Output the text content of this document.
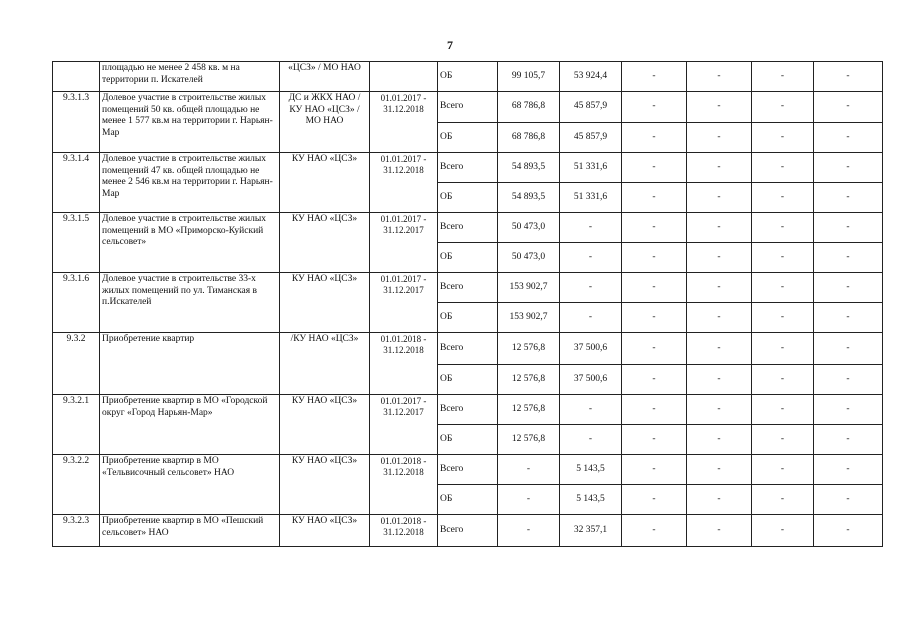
7
	площадью не менее 2 458 кв. м на территории п. Искателей	«ЦСЗ» / МО НАО		ОБ	99 105,7	53 924,4	-	-	-	-
9.3.1.3	Долевое участие в строительстве жилых помещений 50 кв. общей площадью не менее 1 577 кв.м на территории г. Нарьян-Мар	ДС и ЖКХ НАО / КУ НАО «ЦСЗ» / МО НАО	01.01.2017 - 31.12.2018	Всего	68 786,8	45 857,9	-	-	-	-
				ОБ	68 786,8	45 857,9	-	-	-	-
9.3.1.4	Долевое участие в строительстве жилых помещений 47 кв. общей площадью не менее 2 546 кв.м на территории г. Нарьян-Мар	КУ НАО «ЦСЗ»	01.01.2017 - 31.12.2018	Всего	54 893,5	51 331,6	-	-	-	-
				ОБ	54 893,5	51 331,6	-	-	-	-
9.3.1.5	Долевое участие в строительстве жилых помещений в МО «Приморско-Куйский сельсовет»	КУ НАО «ЦСЗ»	01.01.2017 - 31.12.2017	Всего	50 473,0	-	-	-	-	-
				ОБ	50 473,0	-	-	-	-	-
9.3.1.6	Долевое участие в строительстве 33-х жилых помещений по ул. Тиманская в п.Искателей	КУ НАО «ЦСЗ»	01.01.2017 - 31.12.2017	Всего	153 902,7	-	-	-	-	-
				ОБ	153 902,7	-	-	-	-	-
9.3.2	Приобретение квартир	/КУ НАО «ЦСЗ»	01.01.2018 - 31.12.2018	Всего	12 576,8	37 500,6	-	-	-	-
				ОБ	12 576,8	37 500,6	-	-	-	-
9.3.2.1	Приобретение квартир в МО «Городской округ «Город Нарьян-Мар»	КУ НАО «ЦСЗ»	01.01.2017 - 31.12.2017	Всего	12 576,8	-	-	-	-	-
				ОБ	12 576,8	-	-	-	-	-
9.3.2.2	Приобретение квартир в МО «Тельвисочный сельсовет» НАО	КУ НАО «ЦСЗ»	01.01.2018 - 31.12.2018	Всего	-	5 143,5	-	-	-	-
				ОБ	-	5 143,5	-	-	-	-
9.3.2.3	Приобретение квартир в МО «Пешский сельсовет» НАО	КУ НАО «ЦСЗ»	01.01.2018 - 31.12.2018	Всего	-	32 357,1	-	-	-	-
